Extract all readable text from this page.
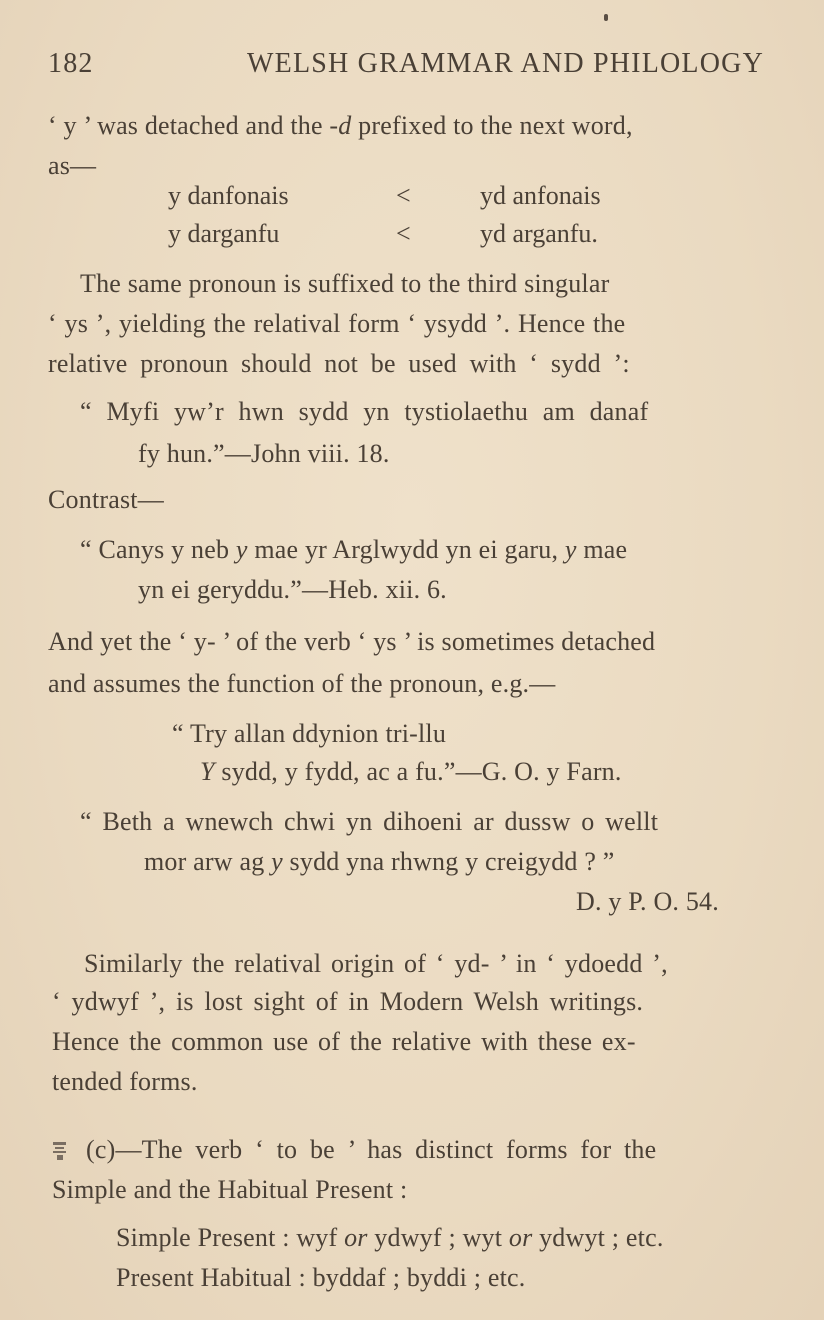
182	WELSH GRAMMAR AND PHILOLOGY
‘ y ’ was detached and the -d prefixed to the next word,
as—
y danfonais	<	yd anfonais
y darganfu	<	yd arganfu.
The same pronoun is suffixed to the third singular
‘ ys ’, yielding the relatival form ‘ ysydd ’. Hence the
relative pronoun should not be used with ‘ sydd ’:
“ Myfi yw’r hwn sydd yn tystiolaethu am danaf
fy hun.”—John viii. 18.
Contrast—
“ Canys y neb y mae yr Arglwydd yn ei garu, y mae
yn ei geryddu.”—Heb. xii. 6.
And yet the ‘ y- ’ of the verb ‘ ys ’ is sometimes detached
and assumes the function of the pronoun, e.g.—
“ Try allan ddynion tri-llu
Y sydd, y fydd, ac a fu.”—G. O. y Farn.
“ Beth a wnewch chwi yn dihoeni ar dussw o wellt
mor arw ag y sydd yna rhwng y creigydd ? ”
D. y P. O. 54.
Similarly the relatival origin of ‘ yd- ’ in ‘ ydoedd ’,
‘ ydwyf ’, is lost sight of in Modern Welsh writings.
Hence the common use of the relative with these ex-
tended forms.
(c)—The verb ‘ to be ’ has distinct forms for the
Simple and the Habitual Present :
Simple Present : wyf or ydwyf ; wyt or ydwyt ; etc.
Present Habitual : byddaf ; byddi ; etc.
